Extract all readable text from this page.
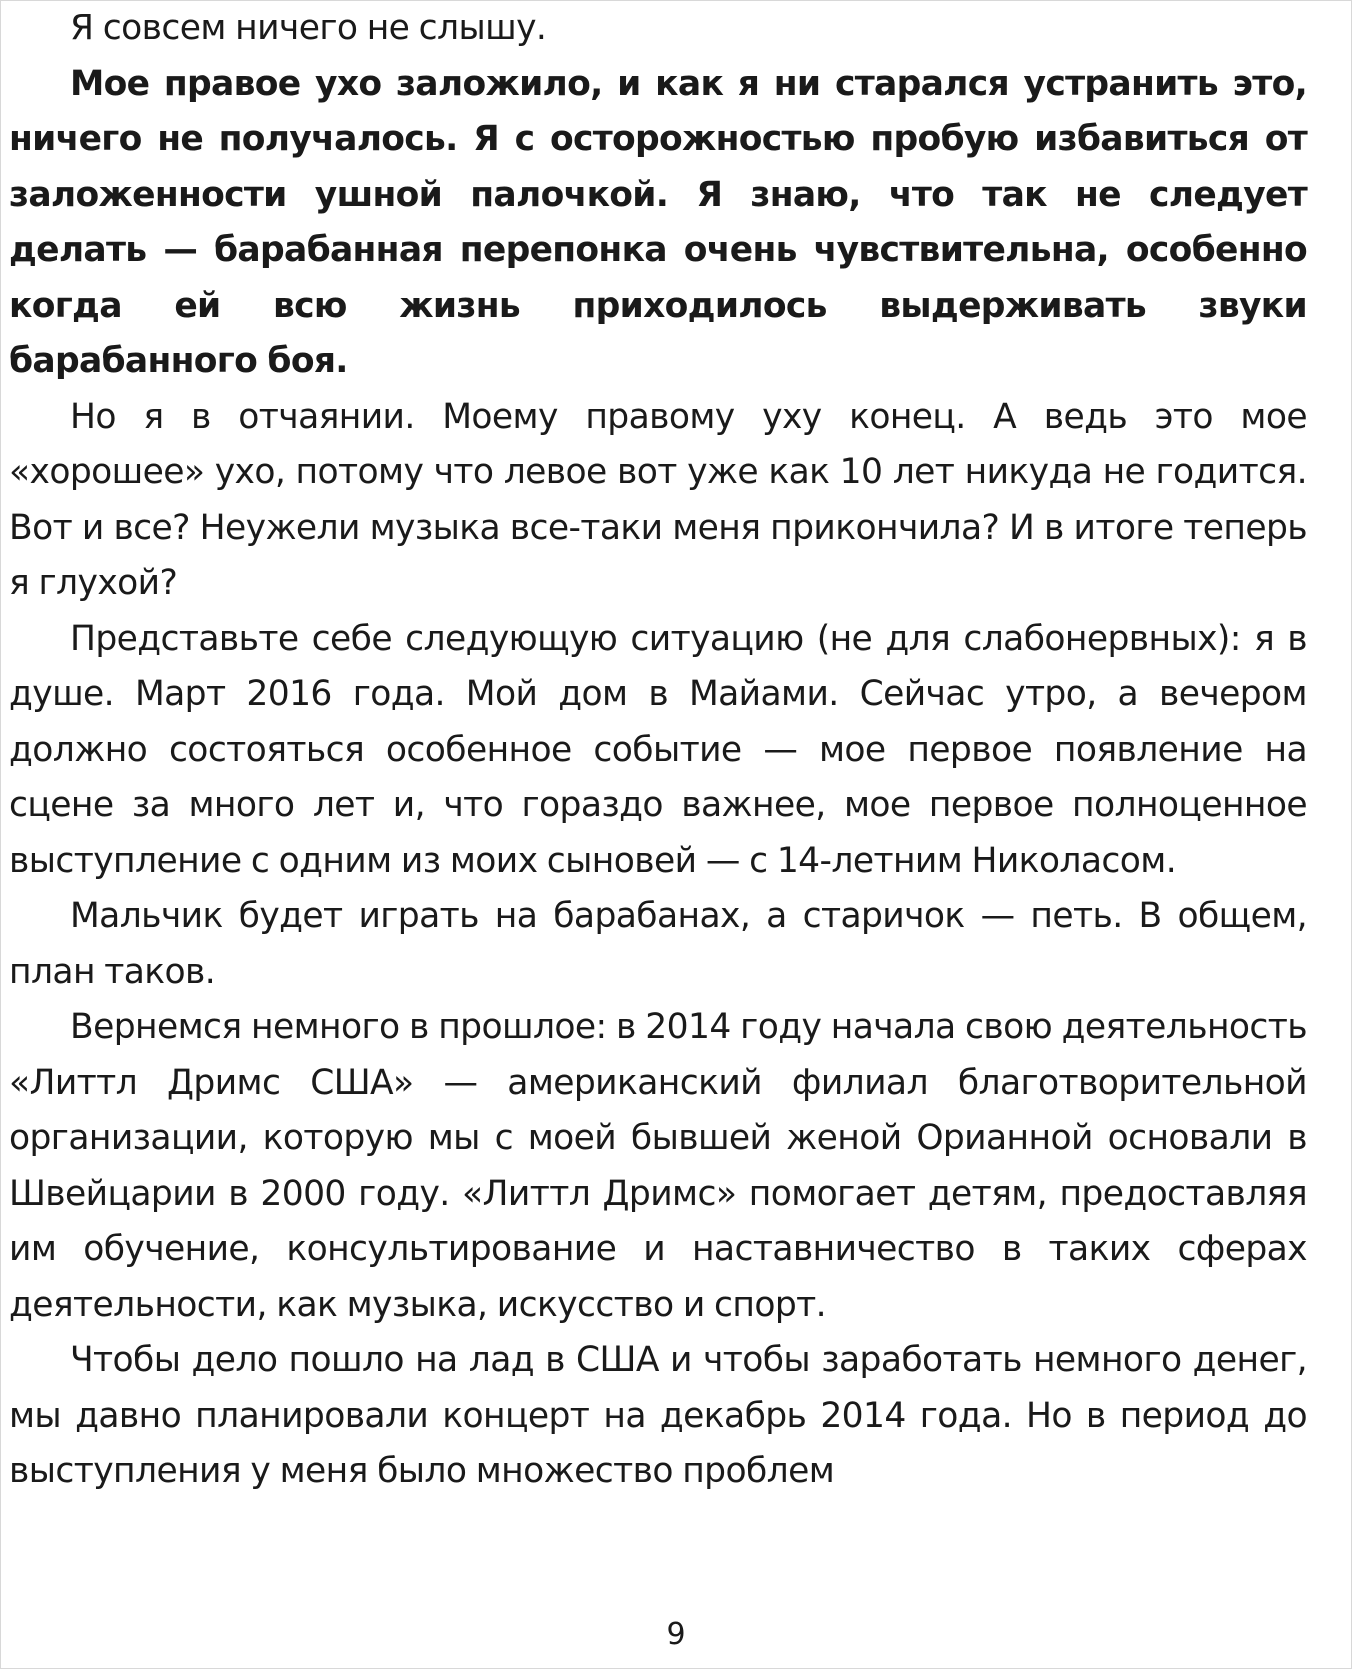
Я совсем ничего не слышу.

Мое правое ухо заложило, и как я ни старался устранить это, ничего не получалось. Я с осторожностью пробую избавиться от заложенности ушной палочкой. Я знаю, что так не следует делать — барабанная перепонка очень чувствительна, особенно когда ей всю жизнь приходилось выдерживать звуки барабанного боя.

Но я в отчаянии. Моему правому уху конец. А ведь это мое «хорошее» ухо, потому что левое вот уже как 10 лет никуда не годится. Вот и все? Неужели музыка все-таки меня прикончила? И в итоге теперь я глухой?

Представьте себе следующую ситуацию (не для слабонервных): я в душе. Март 2016 года. Мой дом в Майами. Сейчас утро, а вечером должно состояться особенное событие — мое первое появление на сцене за много лет и, что гораздо важнее, мое первое полноценное выступление с одним из моих сыновей — с 14-летним Николасом.

Мальчик будет играть на барабанах, а старичок — петь. В общем, план таков.

Вернемся немного в прошлое: в 2014 году начала свою деятельность «Литтл Дримс США» — американский филиал благотворительной организации, которую мы с моей бывшей женой Орианной основали в Швейцарии в 2000 году. «Литтл Дримс» помогает детям, предоставляя им обучение, консультирование и наставничество в таких сферах деятельности, как музыка, искусство и спорт.

Чтобы дело пошло на лад в США и чтобы заработать немного денег, мы давно планировали концерт на декабрь 2014 года. Но в период до выступления у меня было множество проблем

9
